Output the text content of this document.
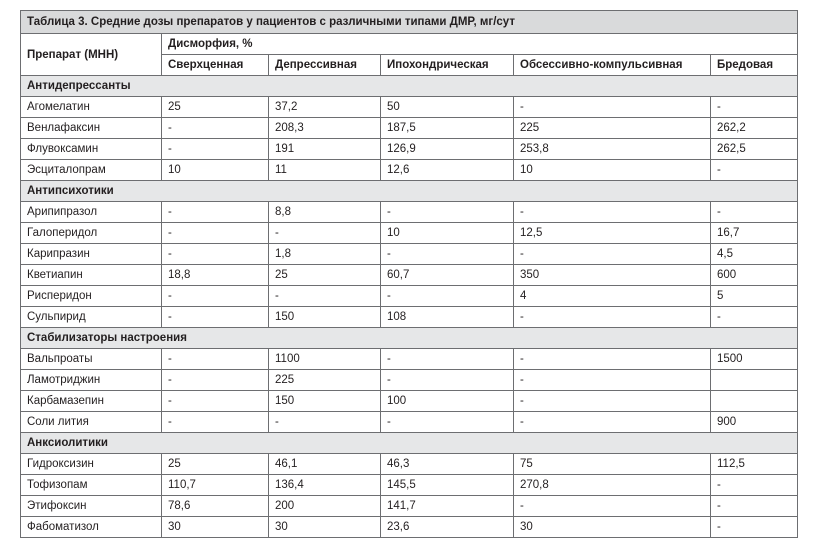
Таблица 3. Средние дозы препаратов у пациентов с различными типами ДМР, мг/сут					
Препарат (МНН)	Дисморфия, %				
	Сверхценная	Депрессивная	Ипохондрическая	Обсессивно-компульсивная	Бредовая
Антидепрессанты					
Агомелатин	25	37,2	50	-	-
Венлафаксин	-	208,3	187,5	225	262,2
Флувоксамин	-	191	126,9	253,8	262,5
Эсциталопрам	10	11	12,6	10	-
Антипсихотики					
Арипипразол	-	8,8	-	-	-
Галоперидол	-	-	10	12,5	16,7
Карипразин	-	1,8	-	-	4,5
Кветиапин	18,8	25	60,7	350	600
Рисперидон	-	-	-	4	5
Сульпирид	-	150	108	-	-
Стабилизаторы настроения					
Вальпроаты	-	1100	-	-	1500
Ламотриджин	-	225	-	-	
Карбамазепин	-	150	100	-	
Соли лития	-	-	-	-	900
Анксиолитики					
Гидроксизин	25	46,1	46,3	75	112,5
Тофизопам	110,7	136,4	145,5	270,8	-
Этифоксин	78,6	200	141,7	-	-
Фабоматизол	30	30	23,6	30	-
